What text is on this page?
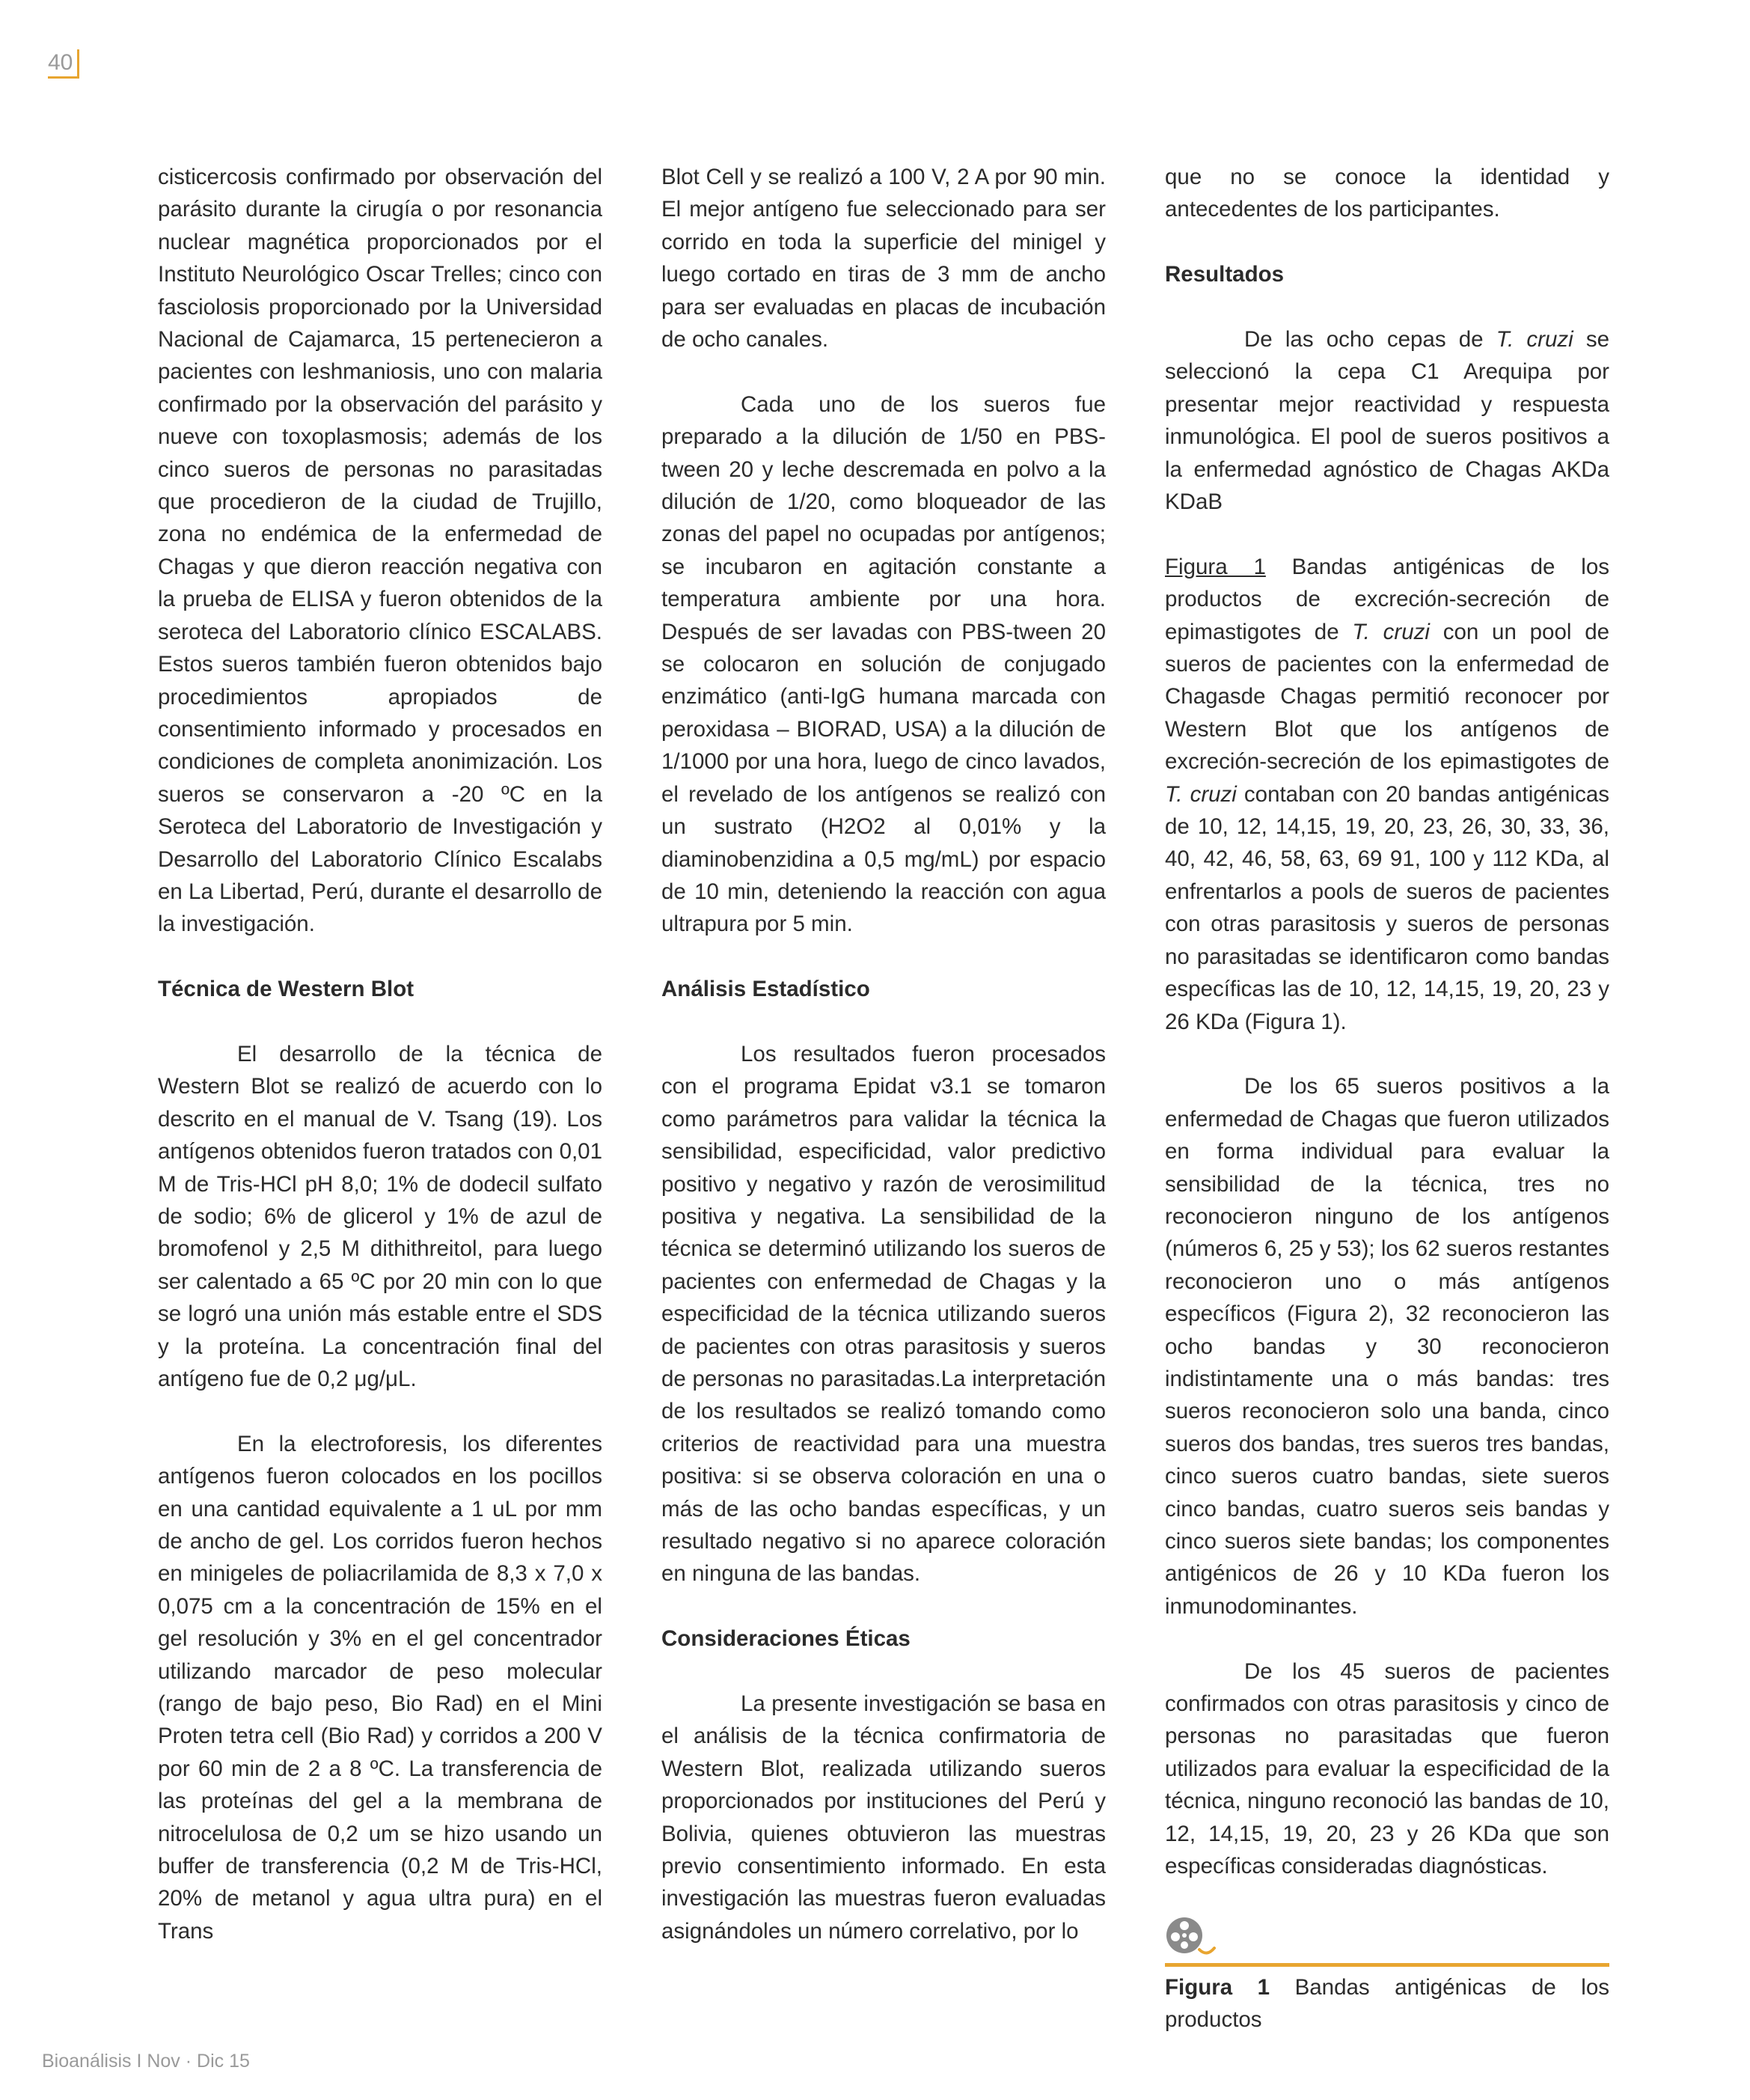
40

cisticercosis confirmado por observación del parásito durante la cirugía o por resonancia nuclear magnética proporcionados por el Instituto Neurológico Oscar Trelles; cinco con fasciolosis proporcionado por la Universidad Nacional de Cajamarca, 15 pertenecieron a pacientes con leshmaniosis, uno con malaria confirmado por la observación del parásito y nueve con toxoplasmosis; además de los cinco sueros de personas no parasitadas que procedieron de la ciudad de Trujillo, zona no endémica de la enfermedad de Chagas y que dieron reacción negativa con la prueba de ELISA y fueron obtenidos de la seroteca del Laboratorio clínico ESCALABS. Estos sueros también fueron obtenidos bajo procedimientos apropiados de consentimiento informado y procesados en condiciones de completa anonimización. Los sueros se conservaron a -20 ºC en la Seroteca del Laboratorio de Investigación y Desarrollo del Laboratorio Clínico Escalabs en La Libertad, Perú, durante el desarrollo de la investigación.

Técnica de Western Blot

El desarrollo de la técnica de Western Blot se realizó de acuerdo con lo descrito en el manual de V. Tsang (19). Los antígenos obtenidos fueron tratados con 0,01 M de Tris-HCl pH 8,0; 1% de dodecil sulfato de sodio; 6% de glicerol y 1% de azul de bromofenol y 2,5 M dithithreitol, para luego ser calentado a 65 ºC por 20 min con lo que se logró una unión más estable entre el SDS y la proteína. La concentración final del antígeno fue de 0,2 μg/μL.

En la electroforesis, los diferentes antígenos fueron colocados en los pocillos en una cantidad equivalente a 1 uL por mm de ancho de gel. Los corridos fueron hechos en minigeles de poliacrilamida de 8,3 x 7,0 x 0,075 cm a la concentración de 15% en el gel resolución y 3% en el gel concentrador utilizando marcador de peso molecular (rango de bajo peso, Bio Rad) en el Mini Proten tetra cell (Bio Rad) y corridos a 200 V por 60 min de 2 a 8 ºC. La transferencia de las proteínas del gel a la membrana de nitrocelulosa de 0,2 um se hizo usando un buffer de transferencia (0,2 M de Tris-HCl, 20% de metanol y agua ultra pura) en el Trans

Blot Cell y se realizó a 100 V, 2 A por 90 min. El mejor antígeno fue seleccionado para ser corrido en toda la superficie del minigel y luego cortado en tiras de 3 mm de ancho para ser evaluadas en placas de incubación de ocho canales.

Cada uno de los sueros fue preparado a la dilución de 1/50 en PBS-tween 20 y leche descremada en polvo a la dilución de 1/20, como bloqueador de las zonas del papel no ocupadas por antígenos; se incubaron en agitación constante a temperatura ambiente por una hora. Después de ser lavadas con PBS-tween 20 se colocaron en solución de conjugado enzimático (anti-IgG humana marcada con peroxidasa – BIORAD, USA) a la dilución de 1/1000 por una hora, luego de cinco lavados, el revelado de los antígenos se realizó con un sustrato (H2O2 al 0,01% y la diaminobenzidina a 0,5 mg/mL) por espacio de 10 min, deteniendo la reacción con agua ultrapura por 5 min.

Análisis Estadístico

Los resultados fueron procesados con el programa Epidat v3.1 se tomaron como parámetros para validar la técnica la sensibilidad, especificidad, valor predictivo positivo y negativo y razón de verosimilitud positiva y negativa. La sensibilidad de la técnica se determinó utilizando los sueros de pacientes con enfermedad de Chagas y la especificidad de la técnica utilizando sueros de pacientes con otras parasitosis y sueros de personas no parasitadas.La interpretación de los resultados se realizó tomando como criterios de reactividad para una muestra positiva: si se observa coloración en una o más de las ocho bandas específicas, y un resultado negativo si no aparece coloración en ninguna de las bandas.

Consideraciones Éticas

La presente investigación se basa en el análisis de la técnica confirmatoria de Western Blot, realizada utilizando sueros proporcionados por instituciones del Perú y Bolivia, quienes obtuvieron las muestras previo consentimiento informado. En esta investigación las muestras fueron evaluadas asignándoles un número correlativo, por lo

que no se conoce la identidad y antecedentes de los participantes.

Resultados

De las ocho cepas de T. cruzi se seleccionó la cepa C1 Arequipa por presentar mejor reactividad y respuesta inmunológica. El pool de sueros positivos a la enfermedad agnóstico de Chagas AKDa KDaB

Figura 1 Bandas antigénicas de los productos de excreción-secreción de epimastigotes de T. cruzi con un pool de sueros de pacientes con la enfermedad de Chagasde Chagas permitió reconocer por Western Blot que los antígenos de excreción-secreción de los epimastigotes de T. cruzi contaban con 20 bandas antigénicas de 10, 12, 14,15, 19, 20, 23, 26, 30, 33, 36, 40, 42, 46, 58, 63, 69 91, 100 y 112 KDa, al enfrentarlos a pools de sueros de pacientes con otras parasitosis y sueros de personas no parasitadas se identificaron como bandas específicas las de 10, 12, 14,15, 19, 20, 23 y 26 KDa (Figura 1).

De los 65 sueros positivos a la enfermedad de Chagas que fueron utilizados en forma individual para evaluar la sensibilidad de la técnica, tres no reconocieron ninguno de los antígenos (números 6, 25 y 53); los 62 sueros restantes reconocieron uno o más antígenos específicos (Figura 2), 32 reconocieron las ocho bandas y 30 reconocieron indistintamente una o más bandas: tres sueros reconocieron solo una banda, cinco sueros dos bandas, tres sueros tres bandas, cinco sueros cuatro bandas, siete sueros cinco bandas, cuatro sueros seis bandas y cinco sueros siete bandas; los componentes antigénicos de 26 y 10 KDa fueron los inmunodominantes.

De los 45 sueros de pacientes confirmados con otras parasitosis y cinco de personas no parasitadas que fueron utilizados para evaluar la especificidad de la técnica, ninguno reconoció las bandas de 10, 12, 14,15, 19, 20, 23 y 26 KDa que son específicas consideradas diagnósticas.

Figura 1 Bandas antigénicas de los productos
Bioanálisis I Nov · Dic 15
